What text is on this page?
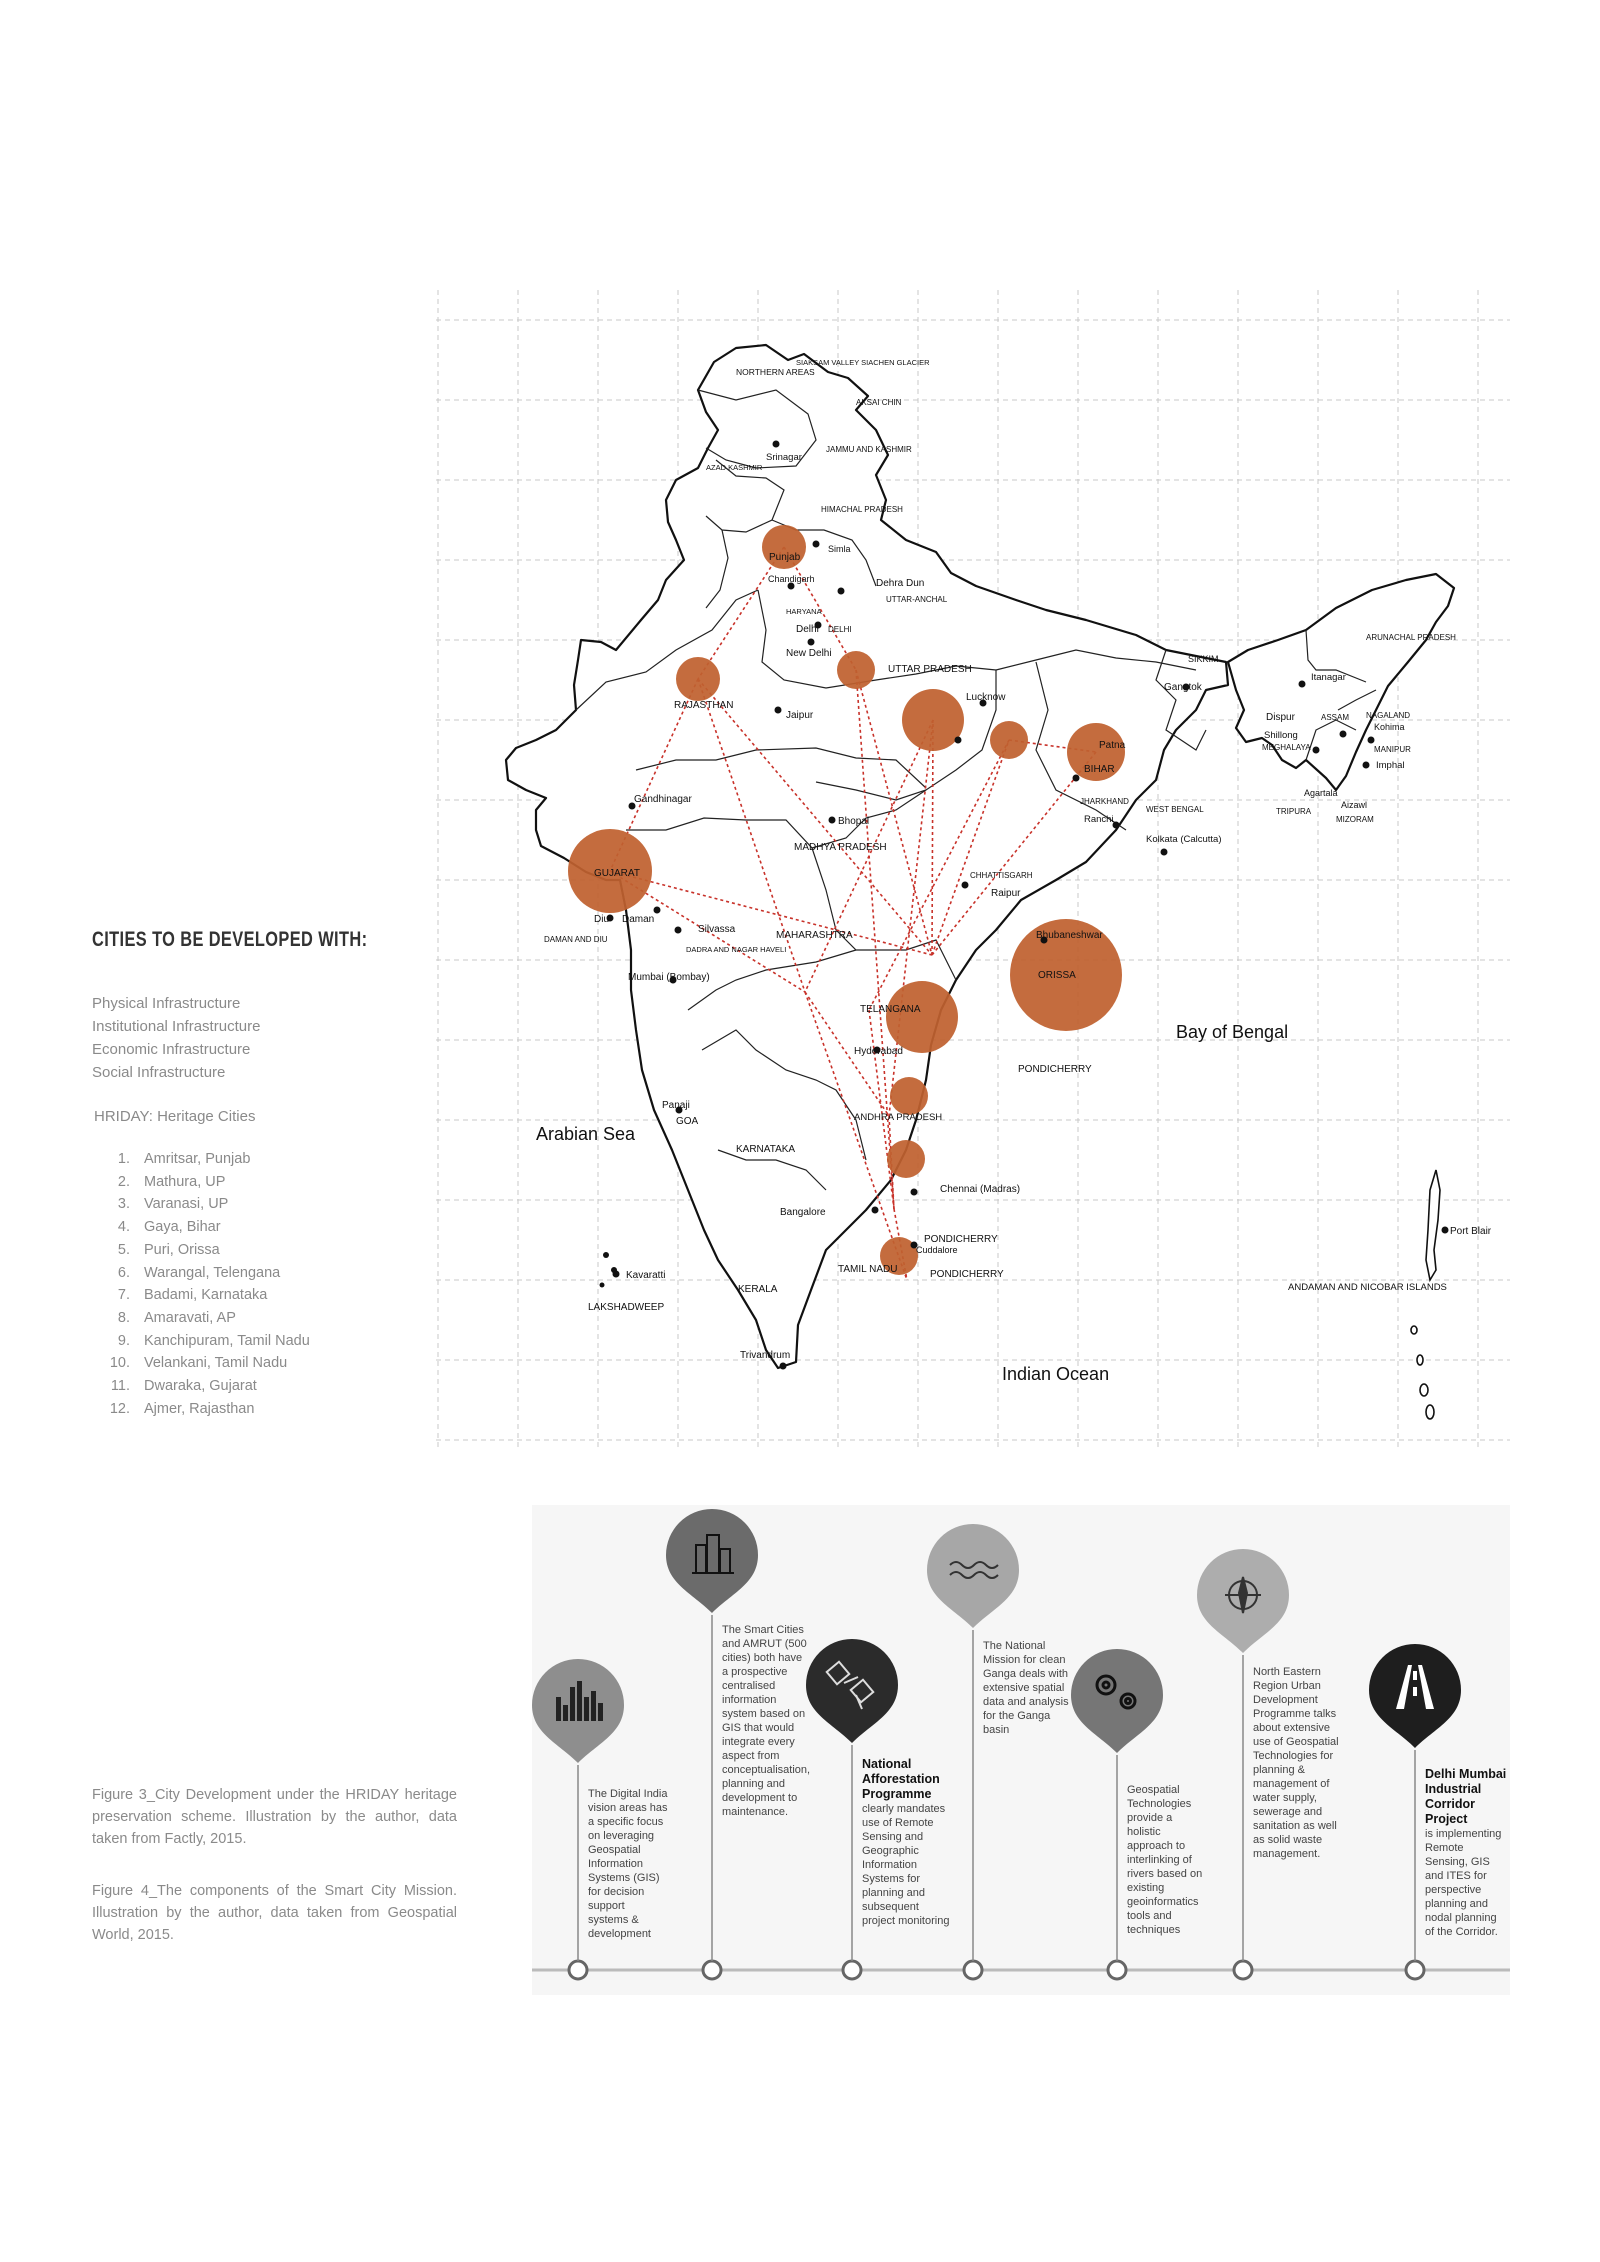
CITIES TO BE DEVELOPED WITH:
Physical Infrastructure
Institutional Infrastructure
Economic Infrastructure
Social Infrastructure
HRIDAY: Heritage Cities
1. Amritsar, Punjab
2. Mathura, UP
3. Varanasi, UP
4. Gaya, Bihar
5. Puri, Orissa
6. Warangal, Telengana
7. Badami, Karnataka
8. Amaravati, AP
9. Kanchipuram, Tamil Nadu
10. Velankani, Tamil Nadu
11. Dwaraka, Gujarat
12. Ajmer, Rajasthan
Figure 3_City Development under the HRIDAY heritage preservation scheme. Illustration by the author, data taken from Factly, 2015.
Figure 4_The components of the Smart City Mission. Illustration by the author, data taken from Geospatial World, 2015.
NORTHERN AREAS
SIAKSAM VALLEY SIACHEN GLACIER
AKSAI CHIN
AZAD KASHMIR
JAMMU AND KASHMIR
Srinagar
HIMACHAL PRADESH
Punjab
Simla
Chandigarh	Dehra Dun
UTTAR-ANCHAL
HARYANA
Delhi DELHI
New Delhi
RAJASTHAN
Jaipur
UTTAR PRADESH
Lucknow
SIKKIM
Gangtok
ARUNACHAL PRADESH
Itanagar
Dispur	ASSAM NAGALAND
Kohima
Shillong
MEGHALAYA	MANIPUR
Imphal
Agartala
TRIPURA
Aizawl
MIZORAM
Patna
BIHAR
Gandhinagar
Bhopal
MADHYA PRADESH
JHARKHAND
Ranchi
WEST BENGAL
Kolkata (Calcutta)
GUJARAT	CHHATTISGARH
Raipur
Diu Daman
Silvassa
DAMAN AND DIU
DADRA AND NAGAR HAVELI
MAHARASHTRA	Bhubaneshwar
ORISSA
Mumbai (Bombay)
TELANGANA
Hyderabad
PONDICHERRY
Bay of Bengal
Panaji
GOA	ANDHRA PRADESH
Arabian Sea
KARNATAKA
Bangalore
Chennai (Madras)
PONDICHERRY
Cuddalore
Port Blair
Kavaratti
KERALA
TAMIL NADU	PONDICHERRY
ANDAMAN AND NICOBAR ISLANDS
LAKSHADWEEP
Trivandrum
Indian Ocean
The Digital India vision areas has a specific focus on leveraging Geospatial Information Systems (GIS) for decision support systems & development
The Smart Cities and AMRUT (500 cities) both have a prospective centralised information system based on GIS that would integrate every aspect from conceptualisation, planning and development to maintenance.
National Afforestation Programme
clearly mandates use of Remote Sensing and Geographic Information Systems for planning and subsequent project monitoring
The National Mission for clean Ganga deals with extensive spatial data and analysis for the Ganga basin
Geospatial Technologies provide a holistic approach to interlinking of rivers based on existing geoinformatics tools and techniques
North Eastern Region Urban Development Programme talks about extensive use of Geospatial Technologies for planning & management of water supply, sewerage and sanitation as well as solid waste management.
Delhi Mumbai Industrial Corridor Project
is implementing Remote Sensing, GIS and ITES for perspective planning and nodal planning of the Corridor.
